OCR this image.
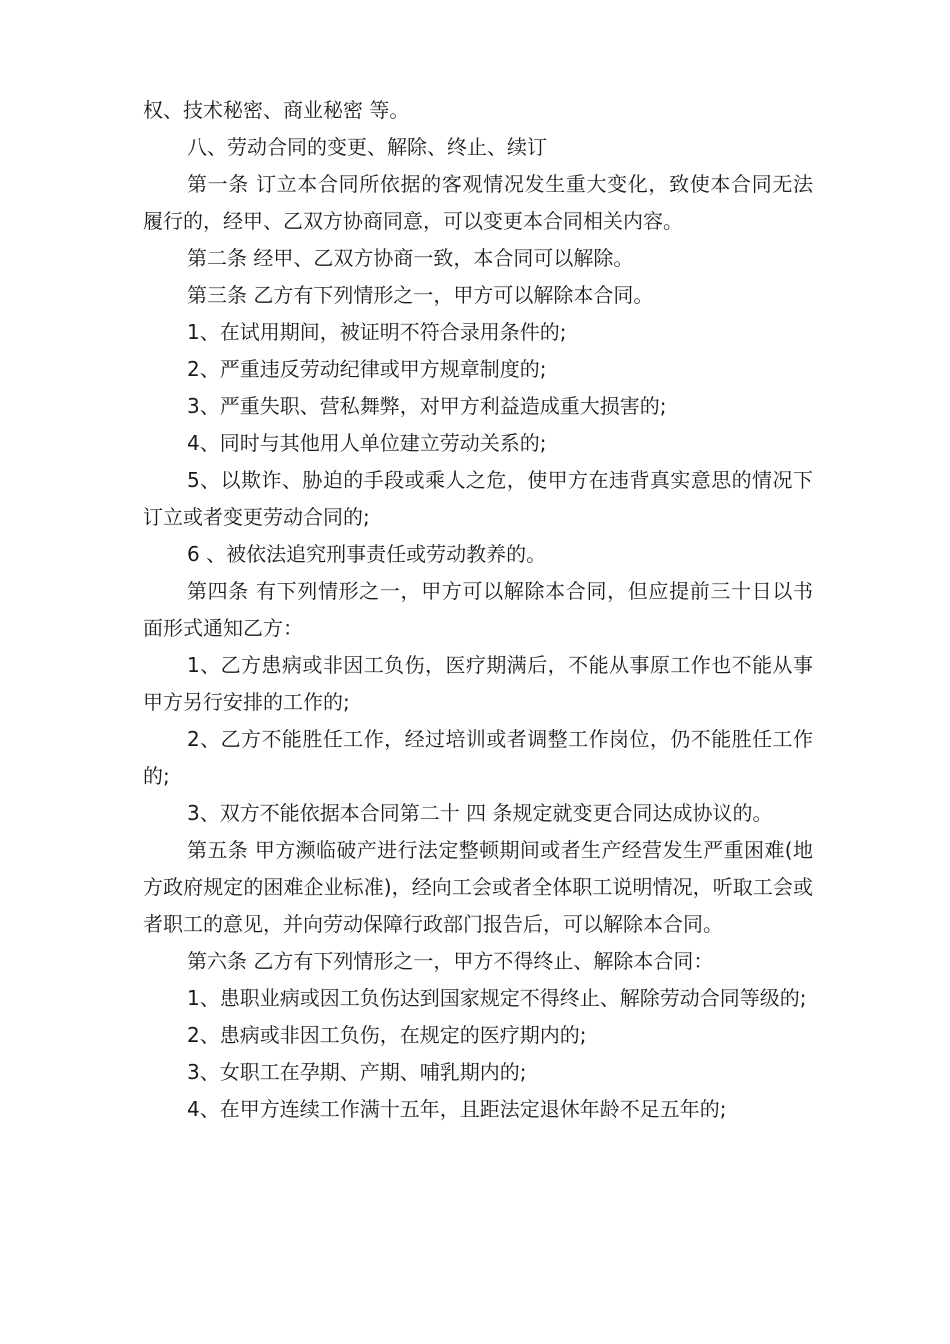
权、技术秘密、商业秘密 等。

八、劳动合同的变更、解除、终止、续订

第一条 订立本合同所依据的客观情况发生重大变化，致使本合同无法履行的，经甲、乙双方协商同意，可以变更本合同相关内容。

第二条 经甲、乙双方协商一致，本合同可以解除。

第三条 乙方有下列情形之一，甲方可以解除本合同。

1、在试用期间，被证明不符合录用条件的;

2、严重违反劳动纪律或甲方规章制度的;

3、严重失职、营私舞弊，对甲方利益造成重大损害的;

4、同时与其他用人单位建立劳动关系的;

5、以欺诈、胁迫的手段或乘人之危，使甲方在违背真实意思的情况下订立或者变更劳动合同的;

6 、被依法追究刑事责任或劳动教养的。

第四条 有下列情形之一，甲方可以解除本合同，但应提前三十日以书面形式通知乙方：

1、乙方患病或非因工负伤，医疗期满后，不能从事原工作也不能从事甲方另行安排的工作的;

2、乙方不能胜任工作，经过培训或者调整工作岗位，仍不能胜任工作的;

3、双方不能依据本合同第二十 四 条规定就变更合同达成协议的。

第五条 甲方濒临破产进行法定整顿期间或者生产经营发生严重困难(地方政府规定的困难企业标准)，经向工会或者全体职工说明情况，听取工会或者职工的意见，并向劳动保障行政部门报告后，可以解除本合同。

第六条 乙方有下列情形之一，甲方不得终止、解除本合同：

1、患职业病或因工负伤达到国家规定不得终止、解除劳动合同等级的;

2、患病或非因工负伤，在规定的医疗期内的;

3、女职工在孕期、产期、哺乳期内的;

4、在甲方连续工作满十五年，且距法定退休年龄不足五年的;
